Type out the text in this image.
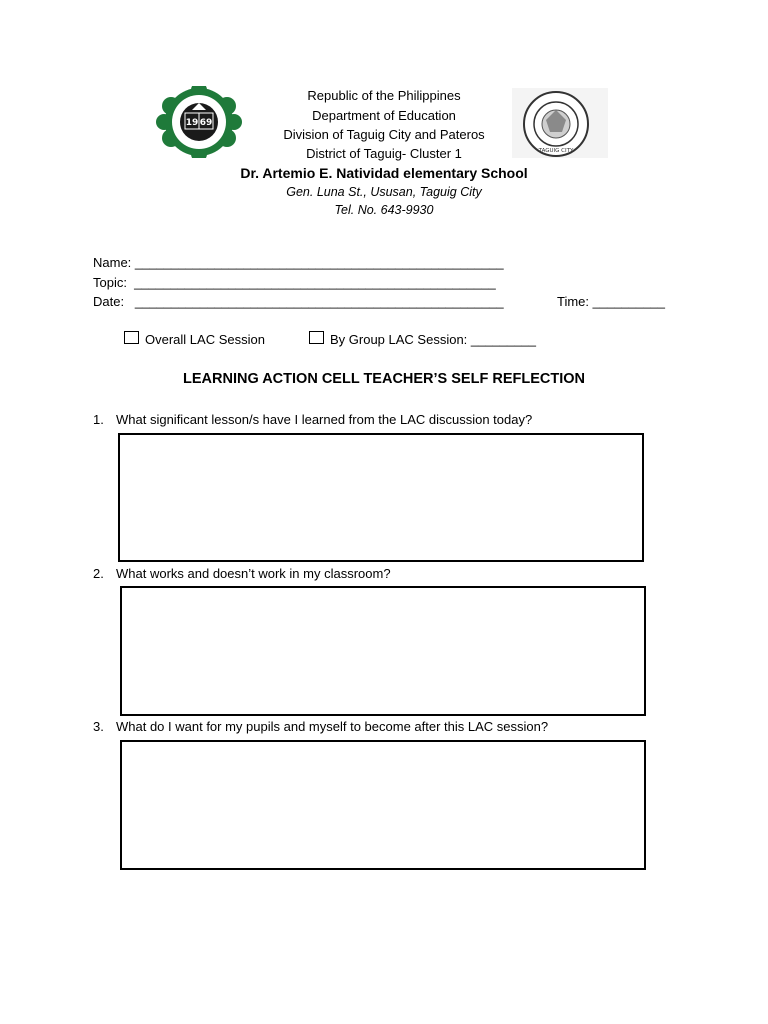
19 69
TAGUIG CITY
Republic of the Philippines
Department of Education
Division of Taguig City and Pateros
District of Taguig- Cluster 1
Dr. Artemio E. Natividad elementary School
Gen. Luna St., Ususan, Taguig City
Tel. No. 643-9930
Name: ___________________________________________________
Topic:  __________________________________________________
Date:   ___________________________________________________	Time: __________
Overall LAC Session	By Group LAC Session: _________
LEARNING ACTION CELL TEACHER’S SELF REFLECTION
1. What significant lesson/s have I learned from the LAC discussion today?
2. What works and doesn’t work in my classroom?
3. What do I want for my pupils and myself to become after this LAC session?
